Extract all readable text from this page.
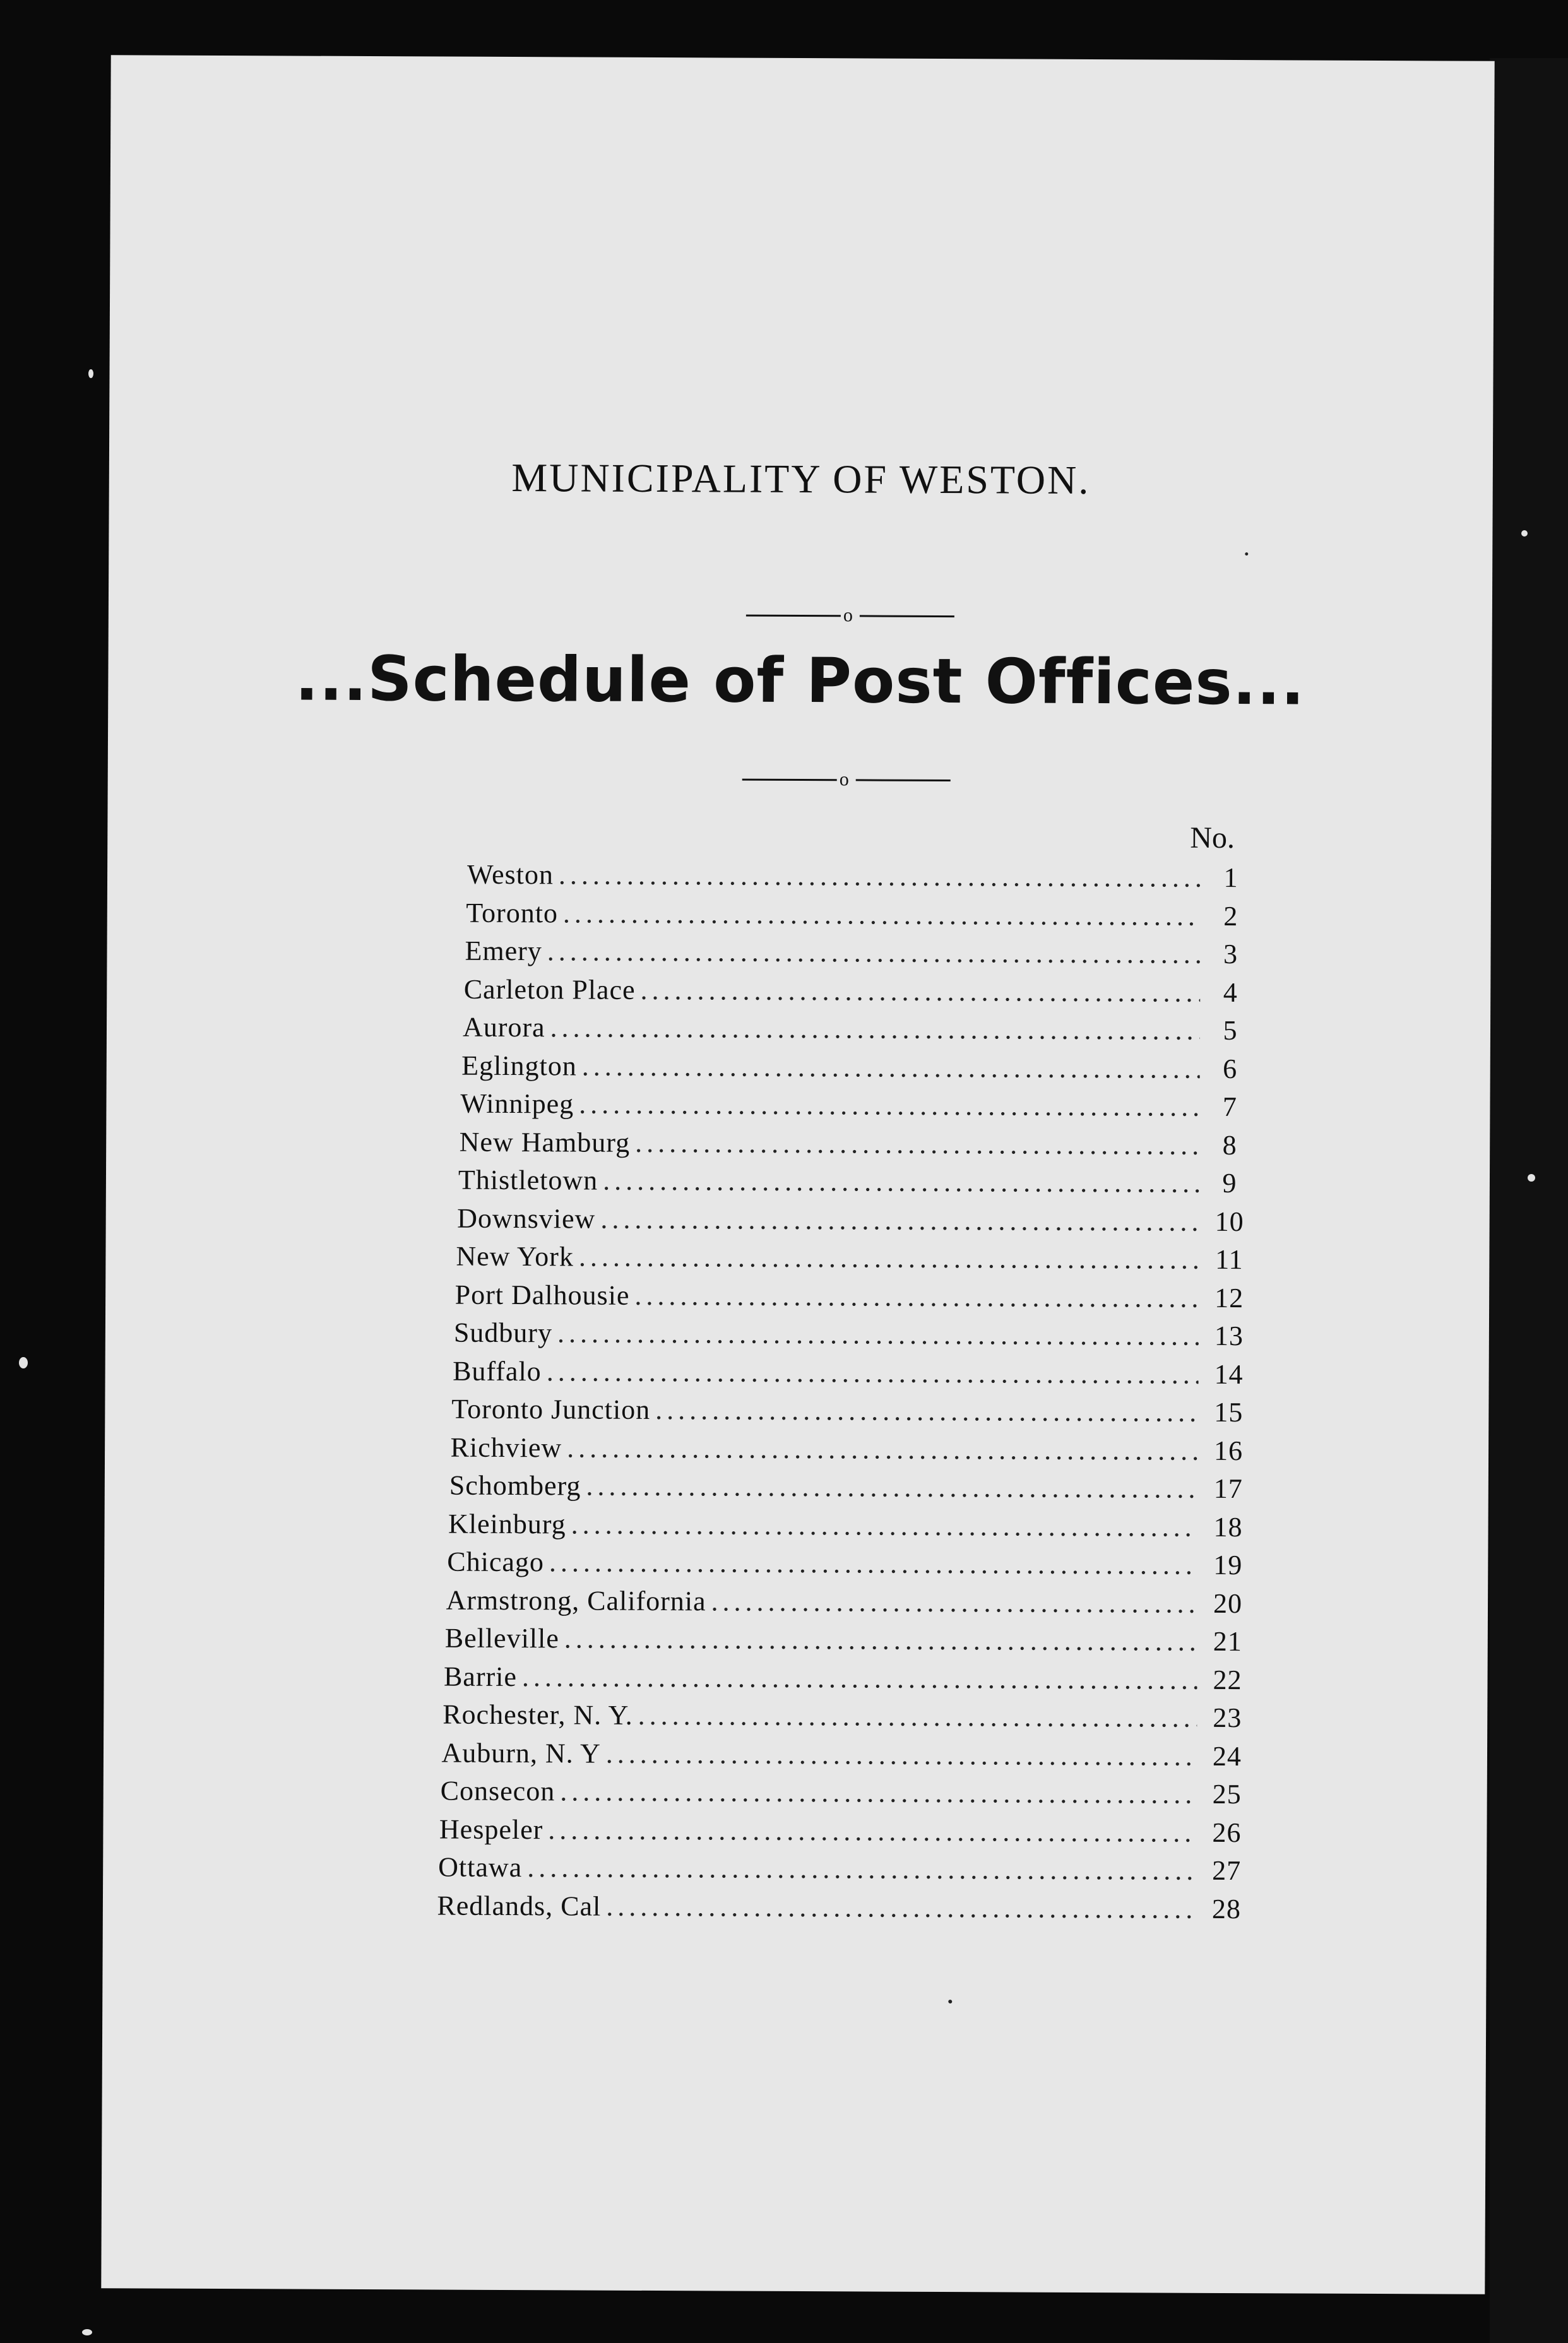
MUNICIPALITY OF WESTON.
o
...Schedule of Post Offices...
o
No.
Weston . . .	1
Toronto . . .	2
Emery . . .	3
Carleton Place . . .	4
Aurora . . .	5
Eglington . . .	6
Winnipeg . . .	7
New Hamburg . . .	8
Thistletown . . .	9
Downsview . . .	10
New York . . .	11
Port Dalhousie . . .	12
Sudbury . . .	13
Buffalo . . .	14
Toronto Junction . . .	15
Richview . . .	16
Schomberg . . .	17
Kleinburg . . .	18
Chicago . . .	19
Armstrong, California . . .	20
Belleville . . .	21
Barrie . . .	22
Rochester, N. Y. . . .	23
Auburn, N. Y . . .	24
Consecon . . .	25
Hespeler . . .	26
Ottawa . . .	27
Redlands, Cal . . .	28
